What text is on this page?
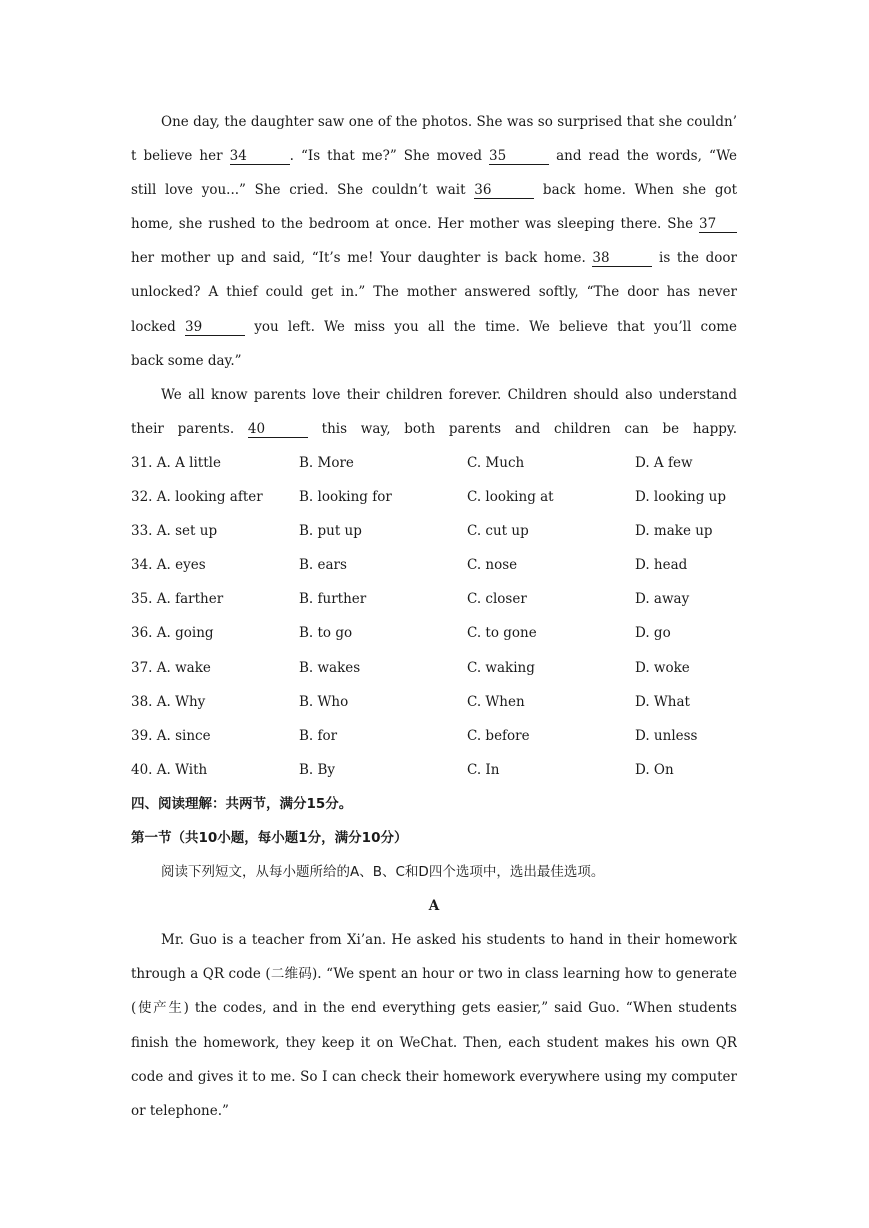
One day, the daughter saw one of the photos. She was so surprised that she couldn’
t believe her 34	. “Is that me?” She moved 35	and read the words, “We
still love you...” She cried. She couldn’t wait 36	back home. When she got
home, she rushed to the bedroom at once. Her mother was sleeping there. She 37
her mother up and said, “It’s me! Your daughter is back home. 38	is the door
unlocked? A thief could get in.” The mother answered softly, “The door has never
locked 39	you left. We miss you all the time. We believe that you’ll come
back some day.”
We all know parents love their children forever. Children should also understand
their parents. 40	this way, both parents and children can be happy.
31. A. A little	B. More	C. Much	D. A few
32. A. looking after	B. looking for	C. looking at	D. looking up
33. A. set up	B. put up	C. cut up	D. make up
34. A. eyes	B. ears	C. nose	D. head
35. A. farther	B. further	C. closer	D. away
36. A. going	B. to go	C. to gone	D. go
37. A. wake	B. wakes	C. waking	D. woke
38. A. Why	B. Who	C. When	D. What
39. A. since	B. for	C. before	D. unless
40. A. With	B. By	C. In	D. On
四、阅读理解：共两节，满分15分。
第一节（共10小题，每小题1分，满分10分）
阅读下列短文，从每小题所给的A、B、C和D四个选项中，选出最佳选项。
A
Mr. Guo is a teacher from Xi’an. He asked his students to hand in their homework
through a QR code (二维码). “We spent an hour or two in class learning how to generate
(使产生) the codes, and in the end everything gets easier,” said Guo. “When students
finish the homework, they keep it on WeChat. Then, each student makes his own QR
code and gives it to me. So I can check their homework everywhere using my computer
or telephone.”
